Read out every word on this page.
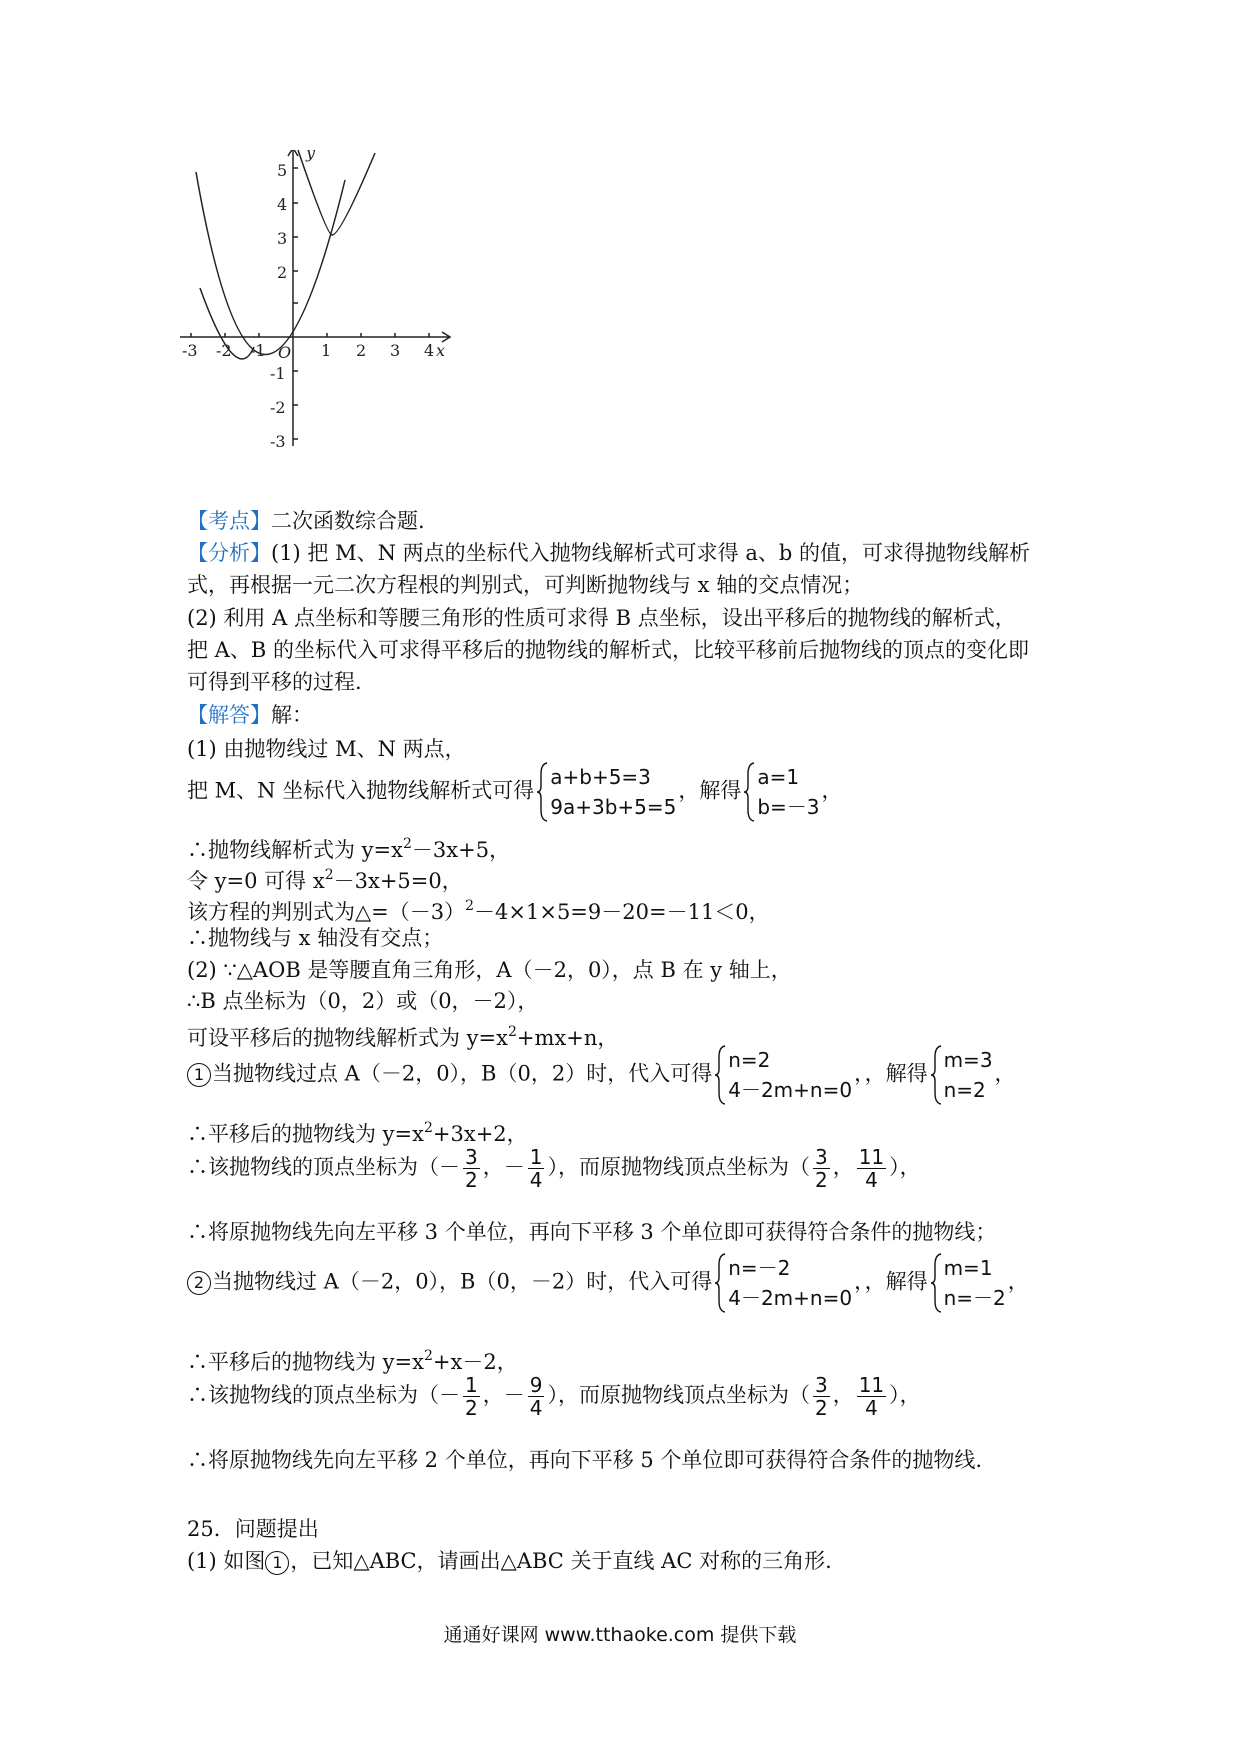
y
x
O
-3 -2 -1	1 2 3 4
5
4
3
2
-1
-2
-3
【考点】二次函数综合题.
【分析】(1) 把 M、N 两点的坐标代入抛物线解析式可求得 a、b 的值，可求得抛物线解析
式，再根据一元二次方程根的判别式，可判断抛物线与 x 轴的交点情况；
(2) 利用 A 点坐标和等腰三角形的性质可求得 B 点坐标，设出平移后的抛物线的解析式，
把 A、B 的坐标代入可求得平移后的抛物线的解析式，比较平移前后抛物线的顶点的变化即
可得到平移的过程.
【解答】解：
(1) 由抛物线过 M、N 两点，
把 M、N 坐标代入抛物线解析式可得
a+b+5=3
9a+3b+5=5
，解得
a=1
b=－3
，
∴抛物线解析式为 $y=x^2-3x+5$，
令 y=0 可得 $x^2-3x+5=0$，
该方程的判别式为$\triangle=(-3)^2-4\times 1\times 5=9-20=-11<0$，
∴抛物线与 x 轴没有交点；
(2) ∵△AOB 是等腰直角三角形，A（－2，0），点 B 在 y 轴上，
∴B 点坐标为（0，2）或（0，－2），
可设平移后的抛物线解析式为 $y=x^2+mx+n$，
1 当抛物线过点 A（－2，0），B（0，2）时，代入可得
n=2
4－2m+n=0
，，解得
m=3
n=2
，
∴平移后的抛物线为 $y=x^2+3x+2$，
∴该抛物线的顶点坐标为（－ $\frac{3}{2}$ ，－ $\frac{1}{4}$ ），而原抛物线顶点坐标为（ $\frac{3}{2}$ ， $\frac{11}{4}$ ），
∴将原抛物线先向左平移 3 个单位，再向下平移 3 个单位即可获得符合条件的抛物线；
2 当抛物线过 A（－2，0），B（0，－2）时，代入可得
n=－2
4－2m+n=0
，，解得
m=1
n=－2
，
∴平移后的抛物线为 $y=x^2+x-2$，
∴该抛物线的顶点坐标为（－ $\frac{1}{2}$ ，－ $\frac{9}{4}$ ），而原抛物线顶点坐标为（ $\frac{3}{2}$ ， $\frac{11}{4}$ ），
∴将原抛物线先向左平移 2 个单位，再向下平移 5 个单位即可获得符合条件的抛物线.
25．问题提出
(1) 如图 1 ，已知△ABC，请画出△ABC 关于直线 AC 对称的三角形.
通通好课网 www.tthaoke.com 提供下载
